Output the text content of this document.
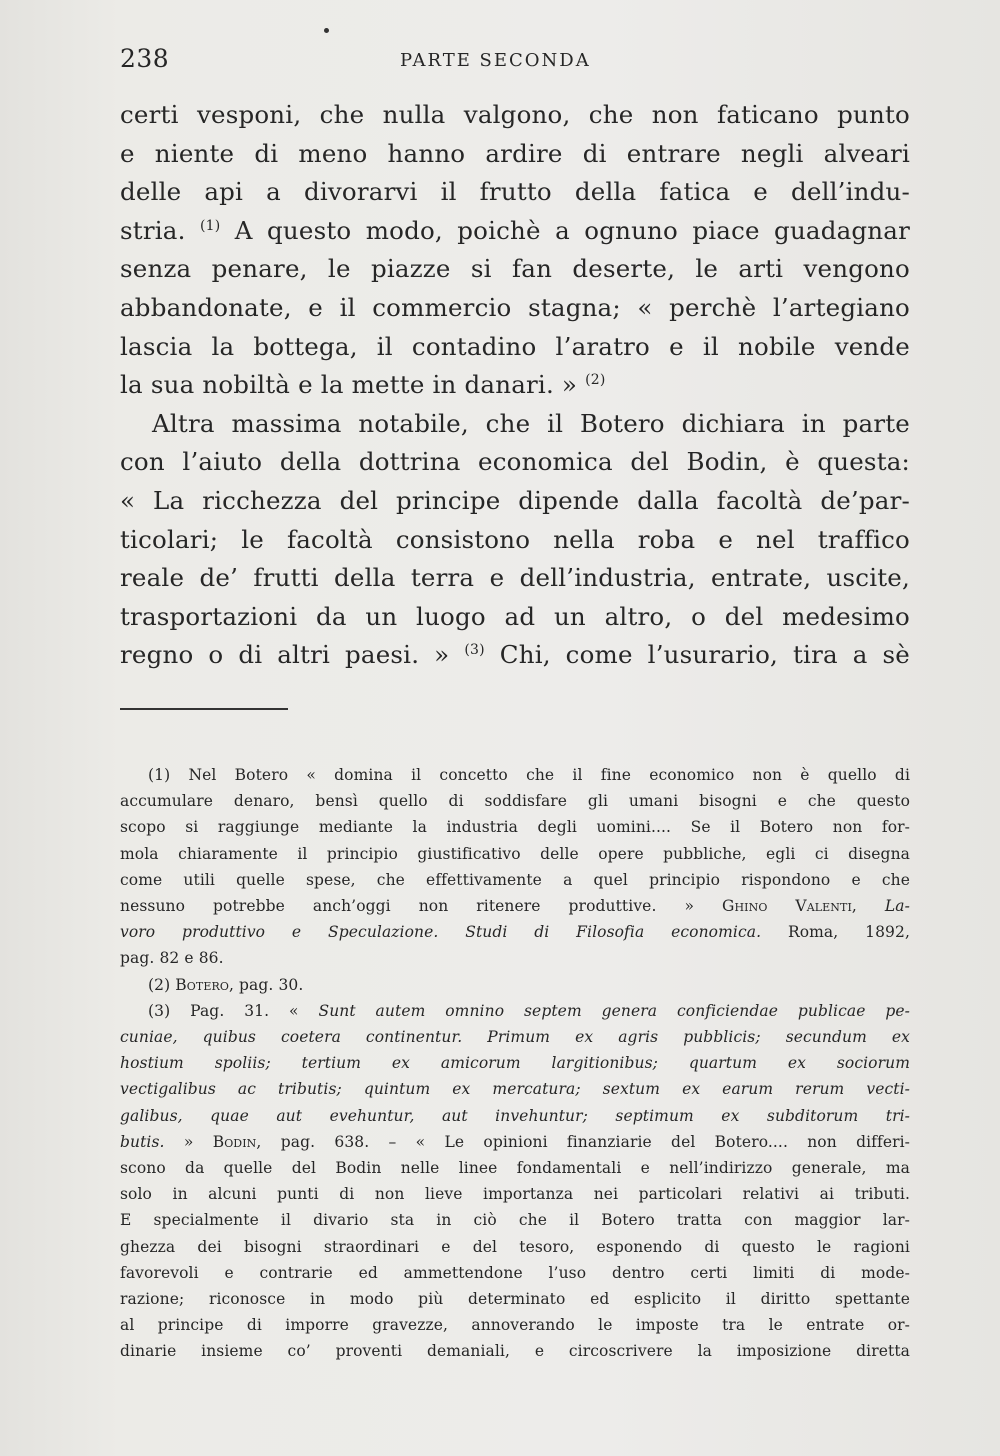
238	PARTE SECONDA
certi vesponi, che nulla valgono, che non faticano punto
e niente di meno hanno ardire di entrare negli alveari
delle api a divorarvi il frutto della fatica e dell’indu-
stria. $^{(1)}$ A questo modo, poichè a ognuno piace guadagnar
senza penare, le piazze si fan deserte, le arti vengono
abbandonate, e il commercio stagna; « perchè l’artegiano
lascia la bottega, il contadino l’aratro e il nobile vende
la sua nobiltà e la mette in danari. » $^{(2)}$
Altra massima notabile, che il Botero dichiara in parte
con l’aiuto della dottrina economica del Bodin, è questa:
« La ricchezza del principe dipende dalla facoltà de’par-
ticolari; le facoltà consistono nella roba e nel traffico
reale de’ frutti della terra e dell’industria, entrate, uscite,
trasportazioni da un luogo ad un altro, o del medesimo
regno o di altri paesi. » $^{(3)}$ Chi, come l’usurario, tira a sè
(1) Nel Botero « domina il concetto che il fine economico non è quello di
accumulare denaro, bensì quello di soddisfare gli umani bisogni e che questo
scopo si raggiunge mediante la industria degli uomini.... Se il Botero non for-
mola chiaramente il principio giustificativo delle opere pubbliche, egli ci disegna
come utili quelle spese, che effettivamente a quel principio rispondono e che
nessuno potrebbe anch’oggi non ritenere produttive. » Ghino Valenti, La-
voro produttivo e Speculazione. Studi di Filosofia economica. Roma, 1892,
pag. 82 e 86.
(2) Botero, pag. 30.
(3) Pag. 31. « Sunt autem omnino septem genera conficiendae publicae pe-
cuniae, quibus coetera continentur. Primum ex agris pubblicis; secundum ex
hostium spoliis; tertium ex amicorum largitionibus; quartum ex sociorum
vectigalibus ac tributis; quintum ex mercatura; sextum ex earum rerum vecti-
galibus, quae aut evehuntur, aut invehuntur; septimum ex subditorum tri-
butis. » Bodin, pag. 638. – « Le opinioni finanziarie del Botero.... non differi-
scono da quelle del Bodin nelle linee fondamentali e nell’indirizzo generale, ma
solo in alcuni punti di non lieve importanza nei particolari relativi ai tributi.
E specialmente il divario sta in ciò che il Botero tratta con maggior lar-
ghezza dei bisogni straordinari e del tesoro, esponendo di questo le ragioni
favorevoli e contrarie ed ammettendone l’uso dentro certi limiti di mode-
razione; riconosce in modo più determinato ed esplicito il diritto spettante
al principe di imporre gravezze, annoverando le imposte tra le entrate or-
dinarie insieme co’ proventi demaniali, e circoscrivere la imposizione diretta
